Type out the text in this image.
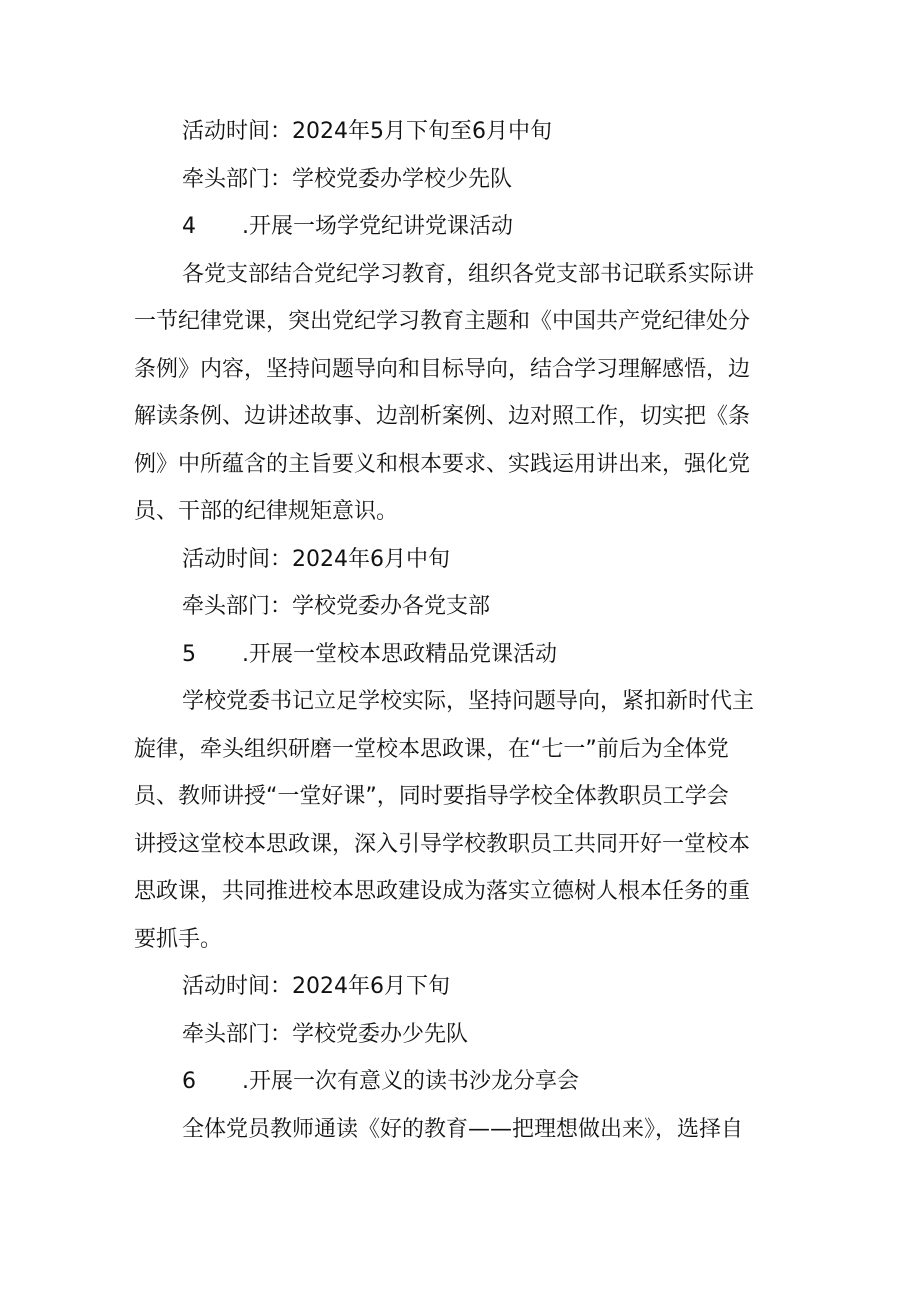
活动时间：2024年5月下旬至6月中旬
牵头部门：学校党委办学校少先队
4 .开展一场学党纪讲党课活动
各党支部结合党纪学习教育，组织各党支部书记联系实际讲
一节纪律党课，突出党纪学习教育主题和《中国共产党纪律处分
条例》内容，坚持问题导向和目标导向，结合学习理解感悟，边
解读条例、边讲述故事、边剖析案例、边对照工作，切实把《条
例》中所蕴含的主旨要义和根本要求、实践运用讲出来，强化党
员、干部的纪律规矩意识。
活动时间：2024年6月中旬
牵头部门：学校党委办各党支部
5 .开展一堂校本思政精品党课活动
学校党委书记立足学校实际，坚持问题导向，紧扣新时代主
旋律，牵头组织研磨一堂校本思政课，在“七一”前后为全体党
员、教师讲授“一堂好课”，同时要指导学校全体教职员工学会
讲授这堂校本思政课，深入引导学校教职员工共同开好一堂校本
思政课，共同推进校本思政建设成为落实立德树人根本任务的重
要抓手。
活动时间：2024年6月下旬
牵头部门：学校党委办少先队
6 .开展一次有意义的读书沙龙分享会
全体党员教师通读《好的教育——把理想做出来》，选择自
